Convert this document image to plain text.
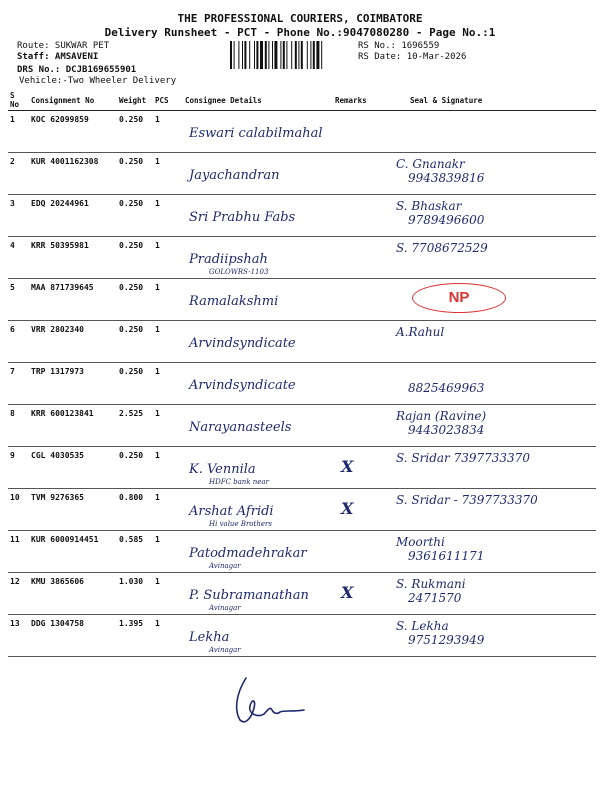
THE PROFESSIONAL COURIERS, COIMBATORE
Delivery Runsheet - PCT - Phone No.:9047080280 - Page No.:1
Route: SUKWAR PET
Staff: AMSAVENI
DRS No.: DCJB169655901
Vehicle:-Two Wheeler Delivery
RS No.: 1696559
RS Date: 10-Mar-2026
S No	Consignment No	Weight	PCS	Consignee Details	Remarks	Seal & Signature
1	KOC 62099859	0.250	1	Eswari calabilmahal		

2	KUR 4001162308	0.250	1	Jayachandran		C. Gnanakr
9943839816

3	EDQ 20244961	0.250	1	Sri Prabhu Fabs		S. Bhaskar
9789496600

4	KRR 50395981	0.250	1	Pradiipshah
GOLOWRS-1103		S. 7708672529

5	MAA 871739645	0.250	1	Ramalakshmi		NP

6	VRR 2802340	0.250	1	Arvindsyndicate		A.Rahul

7	TRP 1317973	0.250	1	Arvindsyndicate		8825469963

8	KRR 600123841	2.525	1	Narayanasteels		Rajan (Ravine)
9443023834

9	CGL 4030535	0.250	1	K. Vennila
HDFC bank near	X	S. Sridar 7397733370

10	TVM 9276365	0.800	1	Arshat Afridi
Hi value Brothers	X	S. Sridar - 7397733370

11	KUR 6000914451	0.585	1	Patodmadehrakar
Avinagar		Moorthi
9361611171

12	KMU 3865606	1.030	1	P. Subramanathan
Avinagar	X	S. Rukmani
2471570

13	DDG 1304758	1.395	1	Lekha
Avinagar		S. Lekha
9751293949
